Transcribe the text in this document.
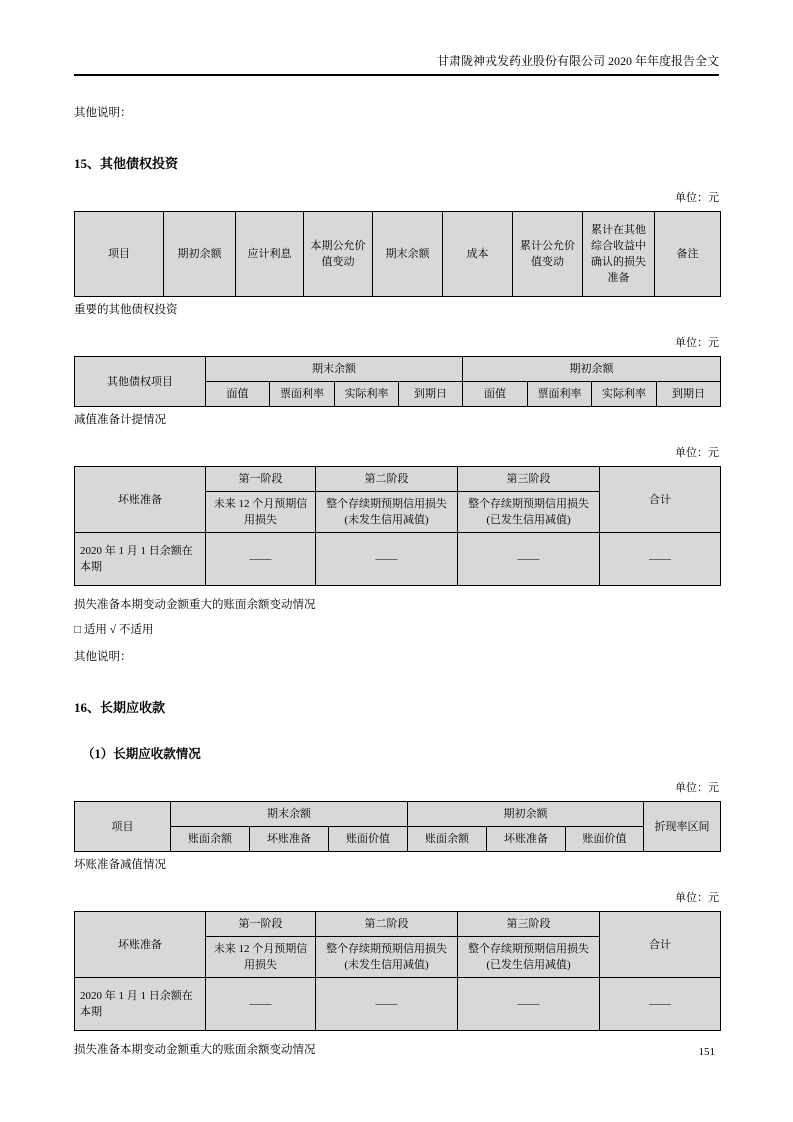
甘肃陇神戎发药业股份有限公司 2020 年年度报告全文
其他说明：
15、其他债权投资
单位：元
项目	期初余额	应计利息	本期公允价值变动	期末余额	成本	累计公允价值变动	累计在其他综合收益中确认的损失准备	备注
重要的其他债权投资
单位：元
其他债权项目	期末余额				期初余额			
	面值	票面利率	实际利率	到期日	面值	票面利率	实际利率	到期日
减值准备计提情况
单位：元
坏账准备	第一阶段	第二阶段	第三阶段	合计
	未来 12 个月预期信用损失	整个存续期预期信用损失(未发生信用减值)	整个存续期预期信用损失(已发生信用减值)	
2020 年 1 月 1 日余额在本期	——	——	——	——
损失准备本期变动金额重大的账面余额变动情况
□ 适用 √ 不适用
其他说明：
16、长期应收款
（1）长期应收款情况
单位：元
项目	期末余额			期初余额			折现率区间
	账面余额	坏账准备	账面价值	账面余额	坏账准备	账面价值	
坏账准备减值情况
单位：元
坏账准备	第一阶段	第二阶段	第三阶段	合计
	未来 12 个月预期信用损失	整个存续期预期信用损失(未发生信用减值)	整个存续期预期信用损失(已发生信用减值)	
2020 年 1 月 1 日余额在本期	——	——	——	——
损失准备本期变动金额重大的账面余额变动情况	151
